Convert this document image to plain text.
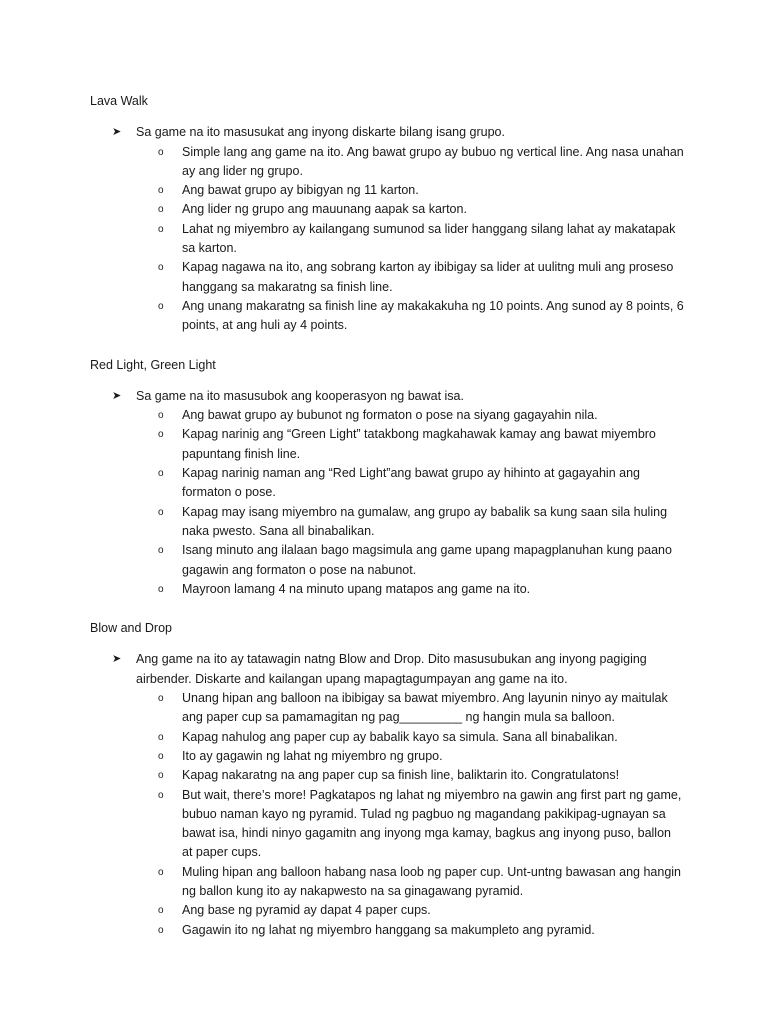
Lava Walk
➤ Sa game na ito masusukat ang inyong diskarte bilang isang grupo.
o Simple lang ang game na ito. Ang bawat grupo ay bubuo ng vertical line. Ang nasa unahan ay ang lider ng grupo.
o Ang bawat grupo ay bibigyan ng 11 karton.
o Ang lider ng grupo ang mauunang aapak sa karton.
o Lahat ng miyembro ay kailangang sumunod sa lider hanggang silang lahat ay makatapak sa karton.
o Kapag nagawa na ito, ang sobrang karton ay ibibigay sa lider at uulitng muli ang proseso hanggang sa makaratng sa finish line.
o Ang unang makaratng sa finish line ay makakakuha ng 10 points. Ang sunod ay 8 points, 6 points, at ang huli ay 4 points.
Red Light, Green Light
➤ Sa game na ito masusubok ang kooperasyon ng bawat isa.
o Ang bawat grupo ay bubunot ng formaton o pose na siyang gagayahin nila.
o Kapag narinig ang “Green Light” tatakbong magkahawak kamay ang bawat miyembro papuntang finish line.
o Kapag narinig naman ang “Red Light”ang bawat grupo ay hihinto at gagayahin ang formaton o pose.
o Kapag may isang miyembro na gumalaw, ang grupo ay babalik sa kung saan sila huling naka pwesto. Sana all binabalikan.
o Isang minuto ang ilalaan bago magsimula ang game upang mapagplanuhan kung paano gagawin ang formaton o pose na nabunot.
o Mayroon lamang 4 na minuto upang matapos ang game na ito.
Blow and Drop
➤ Ang game na ito ay tatawagin natng Blow and Drop. Dito masusubukan ang inyong pagiging airbender. Diskarte and kailangan upang mapagtagumpayan ang game na ito.
o Unang hipan ang balloon na ibibigay sa bawat miyembro. Ang layunin ninyo ay maitulak ang paper cup sa pamamagitan ng pag_________ ng hangin mula sa balloon.
o Kapag nahulog ang paper cup ay babalik kayo sa simula. Sana all binabalikan.
o Ito ay gagawin ng lahat ng miyembro ng grupo.
o Kapag nakaratng na ang paper cup sa finish line, baliktarin ito. Congratulatons!
o But wait, there’s more! Pagkatapos ng lahat ng miyembro na gawin ang first part ng game, bubuo naman kayo ng pyramid. Tulad ng pagbuo ng magandang pakikipag-ugnayan sa bawat isa, hindi ninyo gagamitn ang inyong mga kamay, bagkus ang inyong puso, ballon at paper cups.
o Muling hipan ang balloon habang nasa loob ng paper cup. Unt-untng bawasan ang hangin ng ballon kung ito ay nakapwesto na sa ginagawang pyramid.
o Ang base ng pyramid ay dapat 4 paper cups.
o Gagawin ito ng lahat ng miyembro hanggang sa makumpleto ang pyramid.
